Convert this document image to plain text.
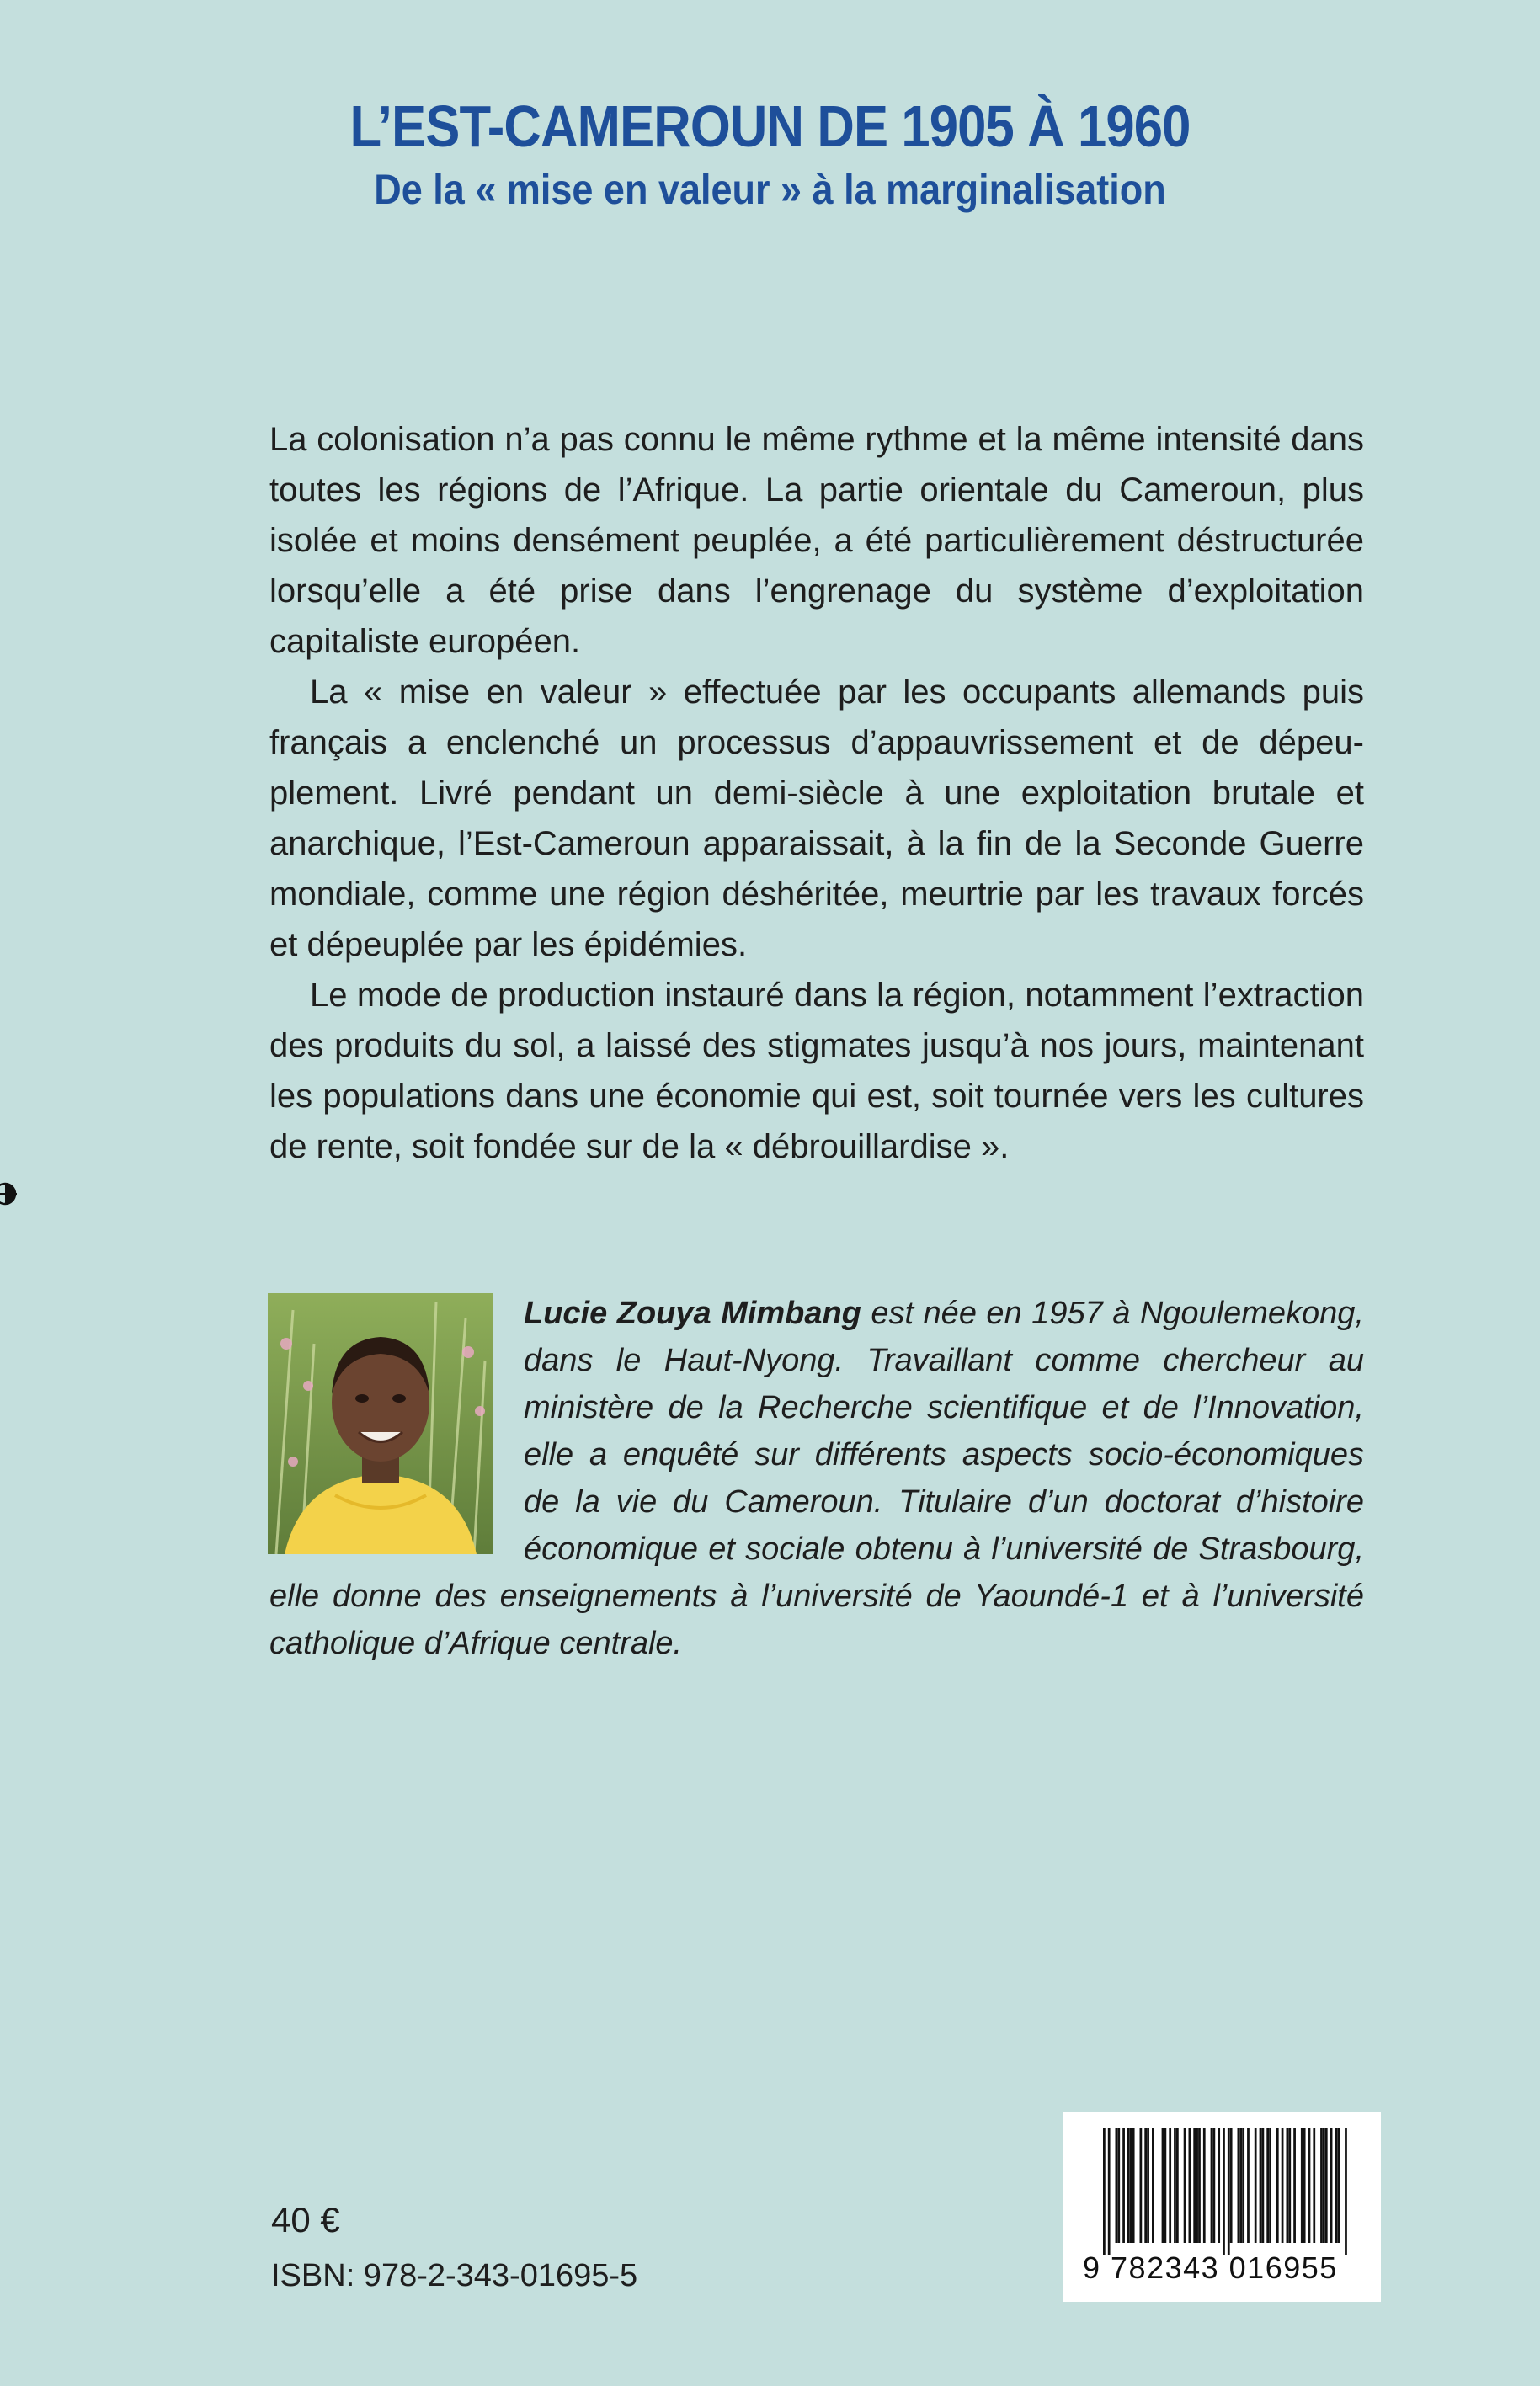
L’EST-CAMEROUN DE 1905 À 1960
De la « mise en valeur » à la marginalisation

La colonisation n’a pas connu le même rythme et la même intensité dans toutes les régions de l’Afrique. La partie orientale du Cameroun, plus isolée et moins densément peuplée, a été particulièrement déstructurée lorsqu’elle a été prise dans l’engrenage du système d’exploitation capitaliste européen.

La « mise en valeur » effectuée par les occupants allemands puis français a enclenché un processus d’appauvrissement et de dépeuplement. Livré pendant un demi-siècle à une exploitation brutale et anarchique, l’Est-Cameroun apparaissait, à la fin de la Seconde Guerre mondiale, comme une région déshéritée, meurtrie par les travaux forcés et dépeuplée par les épidémies.

Le mode de production instauré dans la région, notamment l’extraction des produits du sol, a laissé des stigmates jusqu’à nos jours, maintenant les populations dans une économie qui est, soit tournée vers les cultures de rente, soit fondée sur de la « débrouillardise ».

Lucie Zouya Mimbang est née en 1957 à Ngoulemekong, dans le Haut-Nyong. Travaillant comme chercheur au ministère de la Recherche scientifique et de l’Innovation, elle a enquêté sur différents aspects socio-économiques de la vie du Cameroun. Titulaire d’un doctorat d’histoire économique et sociale obtenu à l’université de Strasbourg, elle donne des enseignements à l’université de Yaoundé-1 et à l’université catholique d’Afrique centrale.
40 €
ISBN: 978-2-343-01695-5	9 782343 016955
